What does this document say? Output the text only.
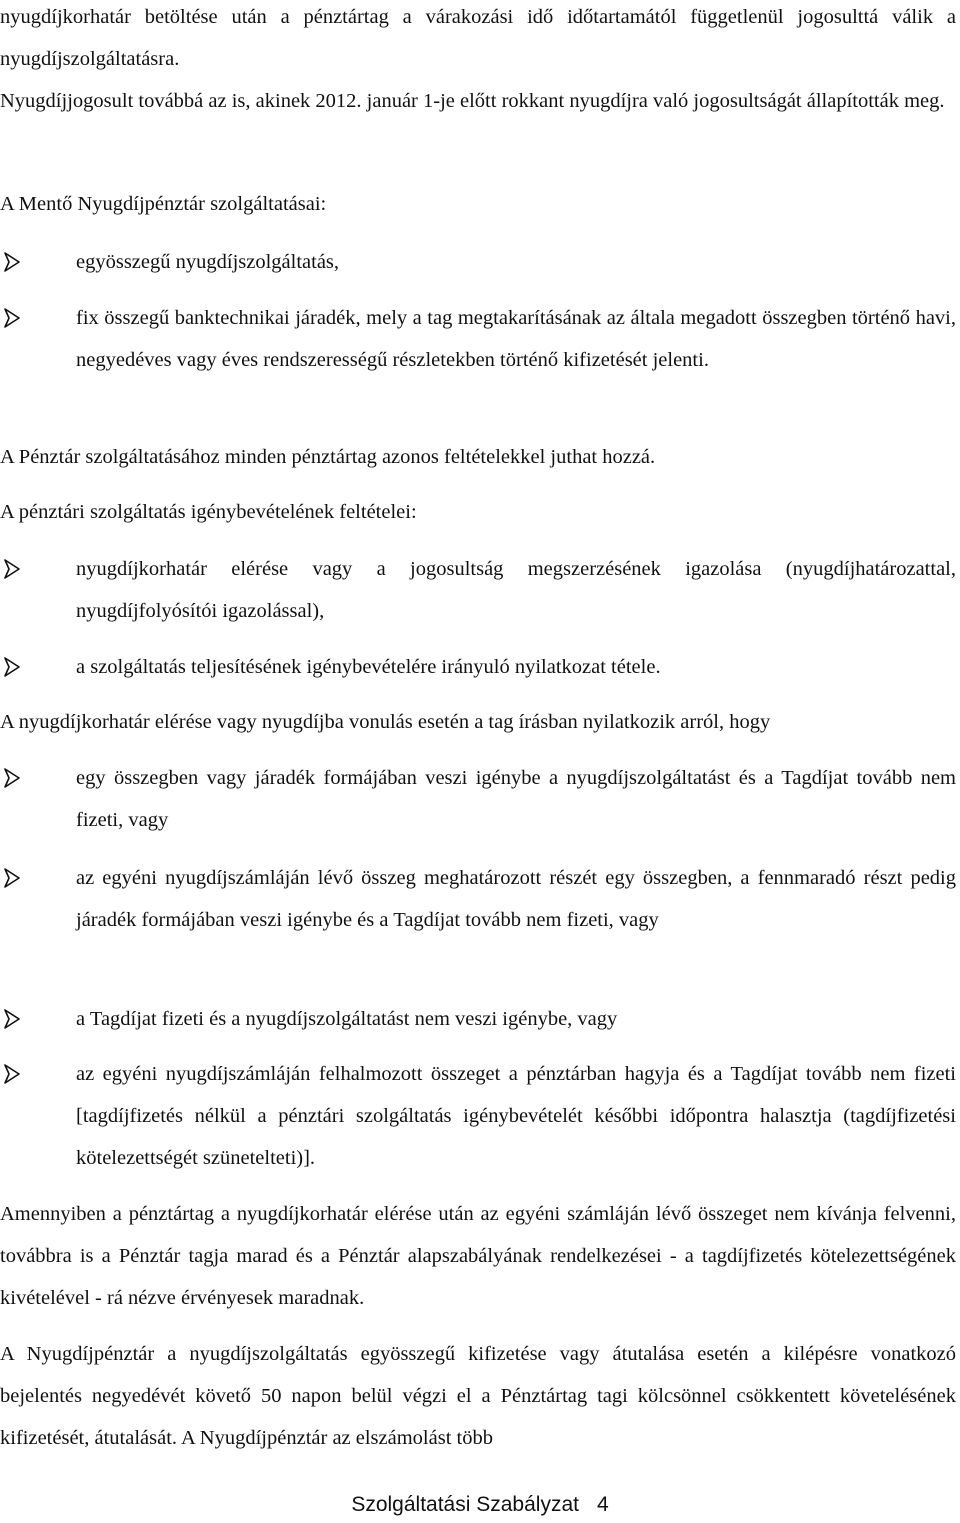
nyugdíjkorhatár betöltése után a pénztártag a várakozási idő időtartamától függetlenül jogosulttá válik a nyugdíjszolgáltatásra.

Nyugdíjjogosult továbbá az is, akinek 2012. január 1-je előtt rokkant nyugdíjra való jogosultságát állapították meg.

A Mentő Nyugdíjpénztár szolgáltatásai:

egyösszegű nyugdíjszolgáltatás,
fix összegű banktechnikai járadék, mely a tag megtakarításának az általa megadott összegben történő havi, negyedéves vagy éves rendszerességű részletekben történő kifizetését jelenti.

A Pénztár szolgáltatásához minden pénztártag azonos feltételekkel juthat hozzá.

A pénztári szolgáltatás igénybevételének feltételei:

nyugdíjkorhatár elérése vagy a jogosultság megszerzésének igazolása (nyugdíjhatározattal, nyugdíjfolyósítói igazolással),
a szolgáltatás teljesítésének igénybevételére irányuló nyilatkozat tétele.

A nyugdíjkorhatár elérése vagy nyugdíjba vonulás esetén a tag írásban nyilatkozik arról, hogy

egy összegben vagy járadék formájában veszi igénybe a nyugdíjszolgáltatást és a Tagdíjat tovább nem fizeti, vagy
az egyéni nyugdíjszámláján lévő összeg meghatározott részét egy összegben, a fennmaradó részt pedig járadék formájában veszi igénybe és a Tagdíjat tovább nem fizeti, vagy
a Tagdíjat fizeti és a nyugdíjszolgáltatást nem veszi igénybe, vagy
az egyéni nyugdíjszámláján felhalmozott összeget a pénztárban hagyja és a Tagdíjat tovább nem fizeti [tagdíjfizetés nélkül a pénztári szolgáltatás igénybevételét későbbi időpontra halasztja (tagdíjfizetési kötelezettségét szünetelteti)].

Amennyiben a pénztártag a nyugdíjkorhatár elérése után az egyéni számláján lévő összeget nem kívánja felvenni, továbbra is a Pénztár tagja marad és a Pénztár alapszabályának rendelkezései - a tagdíjfizetés kötelezettségének kivételével - rá nézve érvényesek maradnak.

A Nyugdíjpénztár a nyugdíjszolgáltatás egyösszegű kifizetése vagy átutalása esetén a kilépésre vonatkozó bejelentés negyedévét követő 50 napon belül végzi el a Pénztártag tagi kölcsönnel csökkentett követelésének kifizetését, átutalását. A Nyugdíjpénztár az elszámolást több

Szolgáltatási Szabályzat 4
